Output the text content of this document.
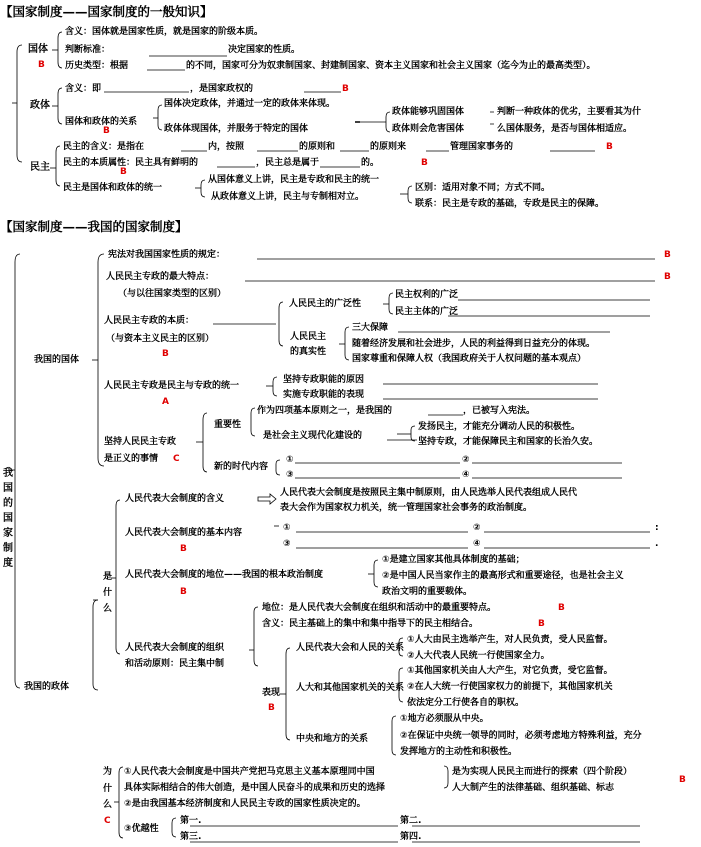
【国家制度——国家制度的一般知识】
国体
B
含义：国体就是国家性质，就是国家的阶级本质。
判断标准：	决定国家的性质。
历史类型：根据	的不同，国家可分为奴隶制国家、封建制国家、资本主义国家和社会主义国家（迄今为止的最高类型）。
政体
含义：即	，是国家政权的	B
国体和政体的关系
B
国体决定政体，并通过一定的政体来体现。
政体体现国体，并服务于特定的国体
政体能够巩固国体
政体则会危害国体
判断一种政体的优劣，主要看其为什
么国体服务，是否与国体相适应。
民主	B
民主的含义：是指在	内，按照	的原则和	的原则来	管理国家事务的	B
民主的本质属性：民主具有鲜明的	，民主总是属于	的。	B
民主是国体和政体的统一
从国体意义上讲，民主是专政和民主的统一
从政体意义上讲，民主与专制相对立。
区别：适用对象不同；方式不同。
联系：民主是专政的基础，专政是民主的保障。
【国家制度——我国的国家制度】
我
国
的
国
家
制
度
我国的国体
我国的政体
宪法对我国国家性质的规定：	B
人民民主专政的最大特点：
（与以往国家类型的区别）
B
人民民主专政的本质：
（与资本主义民主的区别）
B
人民民主的广泛性
民主权利的广泛
民主主体的广泛
人民民主
的真实性
三大保障
随着经济发展和社会进步，人民的利益得到日益充分的体现。
国家尊重和保障人权（我国政府关于人权问题的基本观点）
人民民主专政是民主与专政的统一
A
坚持专政职能的原因
实施专政职能的表现
坚持人民民主专政
是正义的事情 C
重要性
作为四项基本原则之一，是我国的	，已被写入宪法。
是社会主义现代化建设的
发扬民主，才能充分调动人民的积极性。
坚持专政，才能保障民主和国家的长治久安。
新的时代内容
①	②
③	④
是
什
么
人民代表大会制度的含义
人民代表大会制度是按照民主集中制原则，由人民选举人民代表组成人民代
表大会作为国家权力机关，统一管理国家社会事务的政治制度。
人民代表大会制度的基本内容
B
①	②
③	④
:
.
人民代表大会制度的地位——我国的根本政治制度
B
①是建立国家其他具体制度的基础；
②是中国人民当家作主的最高形式和重要途径，也是社会主义
政治文明的重要载体。
人民代表大会制度的组织
和活动原则：民主集中制
地位：是人民代表大会制度在组织和活动中的最重要特点。	B
含义：民主基础上的集中和集中指导下的民主相结合。	B
表现
B
人民代表大会和人民的关系
①人大由民主选举产生，对人民负责，受人民监督。
②人大代表人民统一行使国家全力。
人大和其他国家机关的关系
①其他国家机关由人大产生，对它负责，受它监督。
②在人大统一行使国家权力的前提下，其他国家机关
依法定分工行使各自的职权。
中央和地方的关系
①地方必须服从中央。
②在保证中央统一领导的同时，必须考虑地方特殊利益，充分
发挥地方的主动性和积极性。
为
什
么
C
①人民代表大会制度是中国共产党把马克思主义基本原理同中国
具体实际相结合的伟大创造，是中国人民奋斗的成果和历史的选择
②是由我国基本经济制度和人民民主专政的国家性质决定的。
是为实现人民民主而进行的探索（四个阶段）
人大制产生的法律基础、组织基础、标志
B
③优越性
第一.	第二.
第三.	第四.
